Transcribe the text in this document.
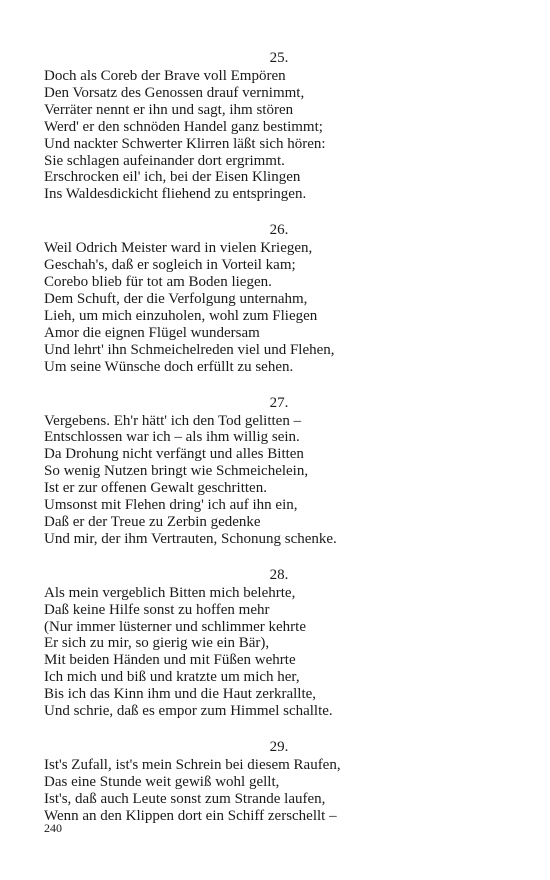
25.
Doch als Coreb der Brave voll Empören
Den Vorsatz des Genossen drauf vernimmt,
Verräter nennt er ihn und sagt, ihm stören
Werd' er den schnöden Handel ganz bestimmt;
Und nackter Schwerter Klirren läßt sich hören:
Sie schlagen aufeinander dort ergrimmt.
Erschrocken eil' ich, bei der Eisen Klingen
Ins Waldesdickicht fliehend zu entspringen.
26.
Weil Odrich Meister ward in vielen Kriegen,
Geschah's, daß er sogleich in Vorteil kam;
Corebo blieb für tot am Boden liegen.
Dem Schuft, der die Verfolgung unternahm,
Lieh, um mich einzuholen, wohl zum Fliegen
Amor die eignen Flügel wundersam
Und lehrt' ihn Schmeichelreden viel und Flehen,
Um seine Wünsche doch erfüllt zu sehen.
27.
Vergebens. Eh'r hätt' ich den Tod gelitten –
Entschlossen war ich – als ihm willig sein.
Da Drohung nicht verfängt und alles Bitten
So wenig Nutzen bringt wie Schmeichelein,
Ist er zur offenen Gewalt geschritten.
Umsonst mit Flehen dring' ich auf ihn ein,
Daß er der Treue zu Zerbin gedenke
Und mir, der ihm Vertrauten, Schonung schenke.
28.
Als mein vergeblich Bitten mich belehrte,
Daß keine Hilfe sonst zu hoffen mehr
(Nur immer lüsterner und schlimmer kehrte
Er sich zu mir, so gierig wie ein Bär),
Mit beiden Händen und mit Füßen wehrte
Ich mich und biß und kratzte um mich her,
Bis ich das Kinn ihm und die Haut zerkrallte,
Und schrie, daß es empor zum Himmel schallte.
29.
Ist's Zufall, ist's mein Schrein bei diesem Raufen,
Das eine Stunde weit gewiß wohl gellt,
Ist's, daß auch Leute sonst zum Strande laufen,
Wenn an den Klippen dort ein Schiff zerschellt –
240
